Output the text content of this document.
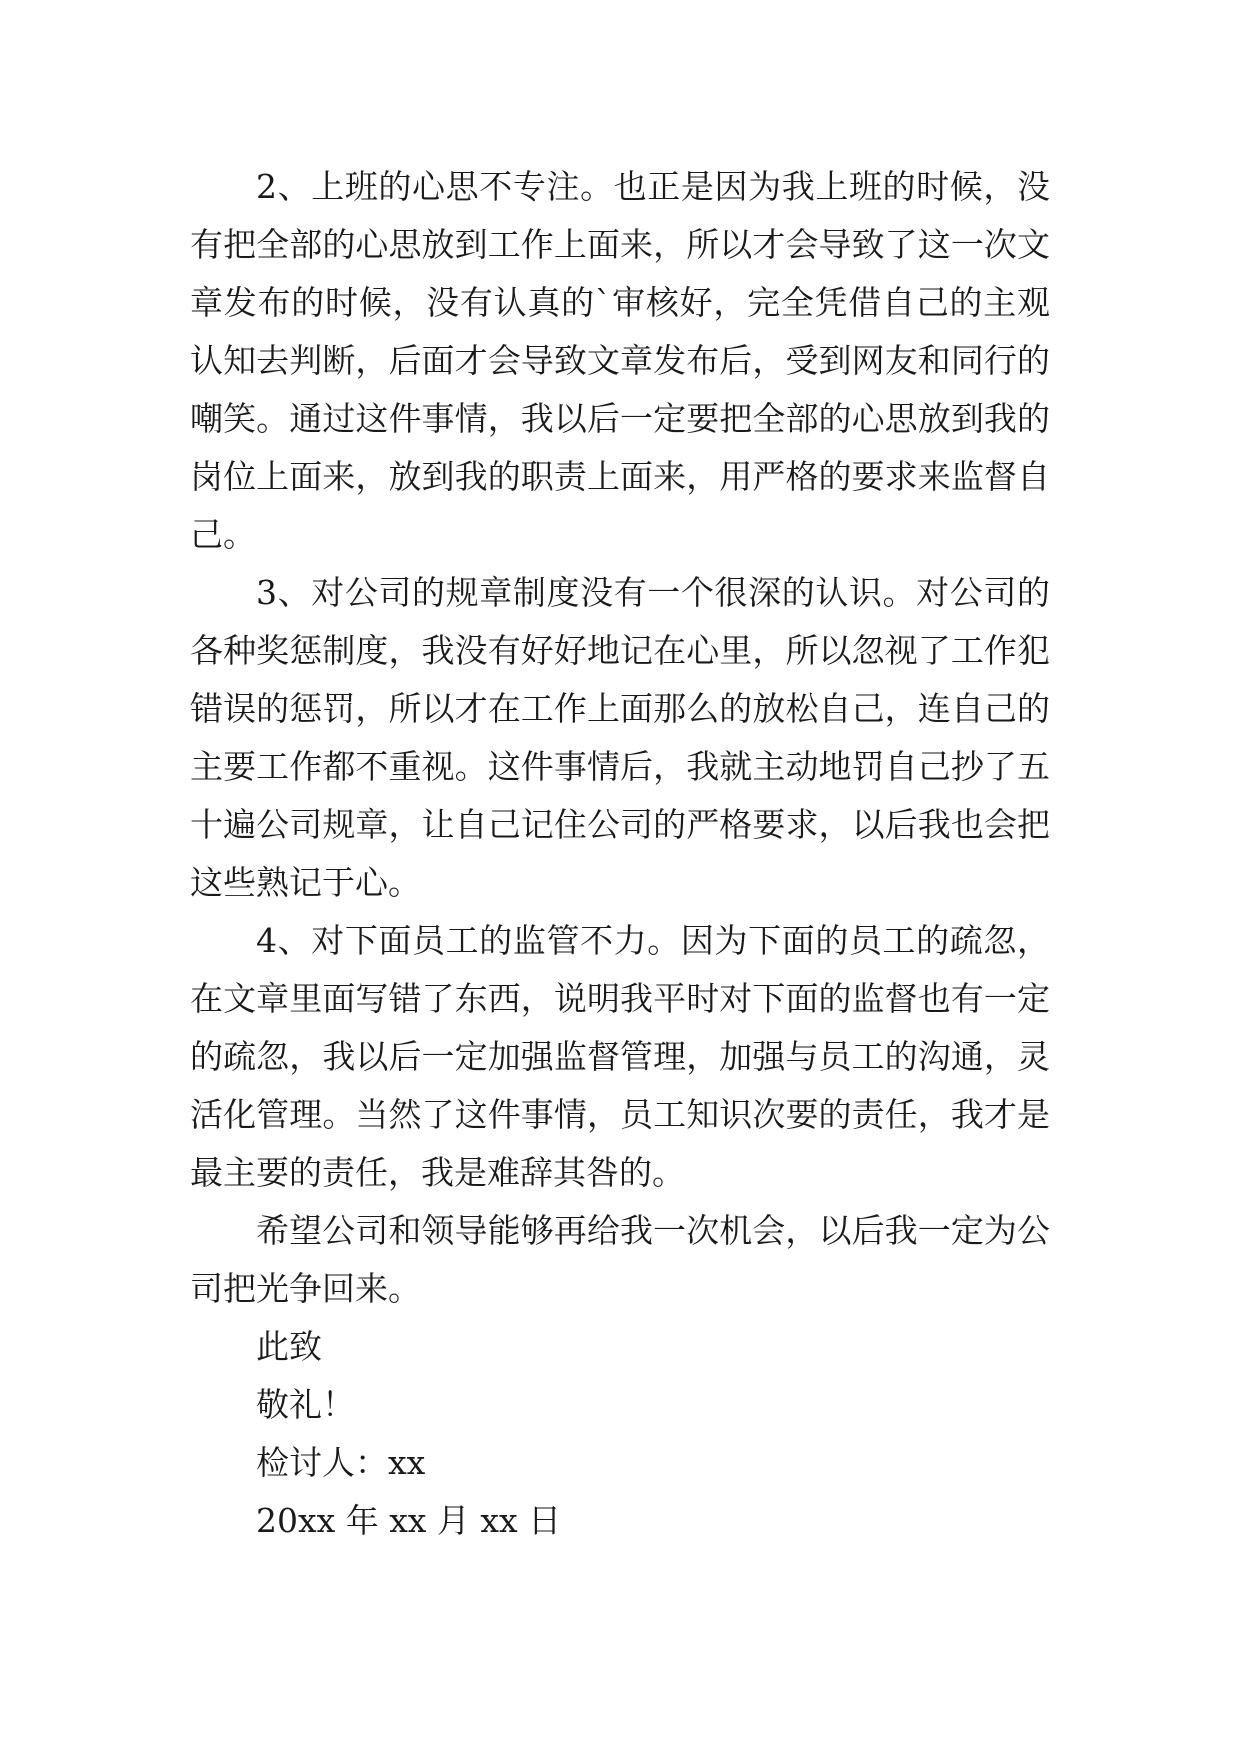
2、上班的心思不专注。也正是因为我上班的时候，没有把全部的心思放到工作上面来，所以才会导致了这一次文章发布的时候，没有认真的`审核好，完全凭借自己的主观认知去判断，后面才会导致文章发布后，受到网友和同行的嘲笑。通过这件事情，我以后一定要把全部的心思放到我的岗位上面来，放到我的职责上面来，用严格的要求来监督自己。

3、对公司的规章制度没有一个很深的认识。对公司的各种奖惩制度，我没有好好地记在心里，所以忽视了工作犯错误的惩罚，所以才在工作上面那么的放松自己，连自己的主要工作都不重视。这件事情后，我就主动地罚自己抄了五十遍公司规章，让自己记住公司的严格要求，以后我也会把这些熟记于心。

4、对下面员工的监管不力。因为下面的员工的疏忽，在文章里面写错了东西，说明我平时对下面的监督也有一定的疏忽，我以后一定加强监督管理，加强与员工的沟通，灵活化管理。当然了这件事情，员工知识次要的责任，我才是最主要的责任，我是难辞其咎的。

希望公司和领导能够再给我一次机会，以后我一定为公司把光争回来。

此致

敬礼！

检讨人：xx

20xx 年 xx 月 xx 日
